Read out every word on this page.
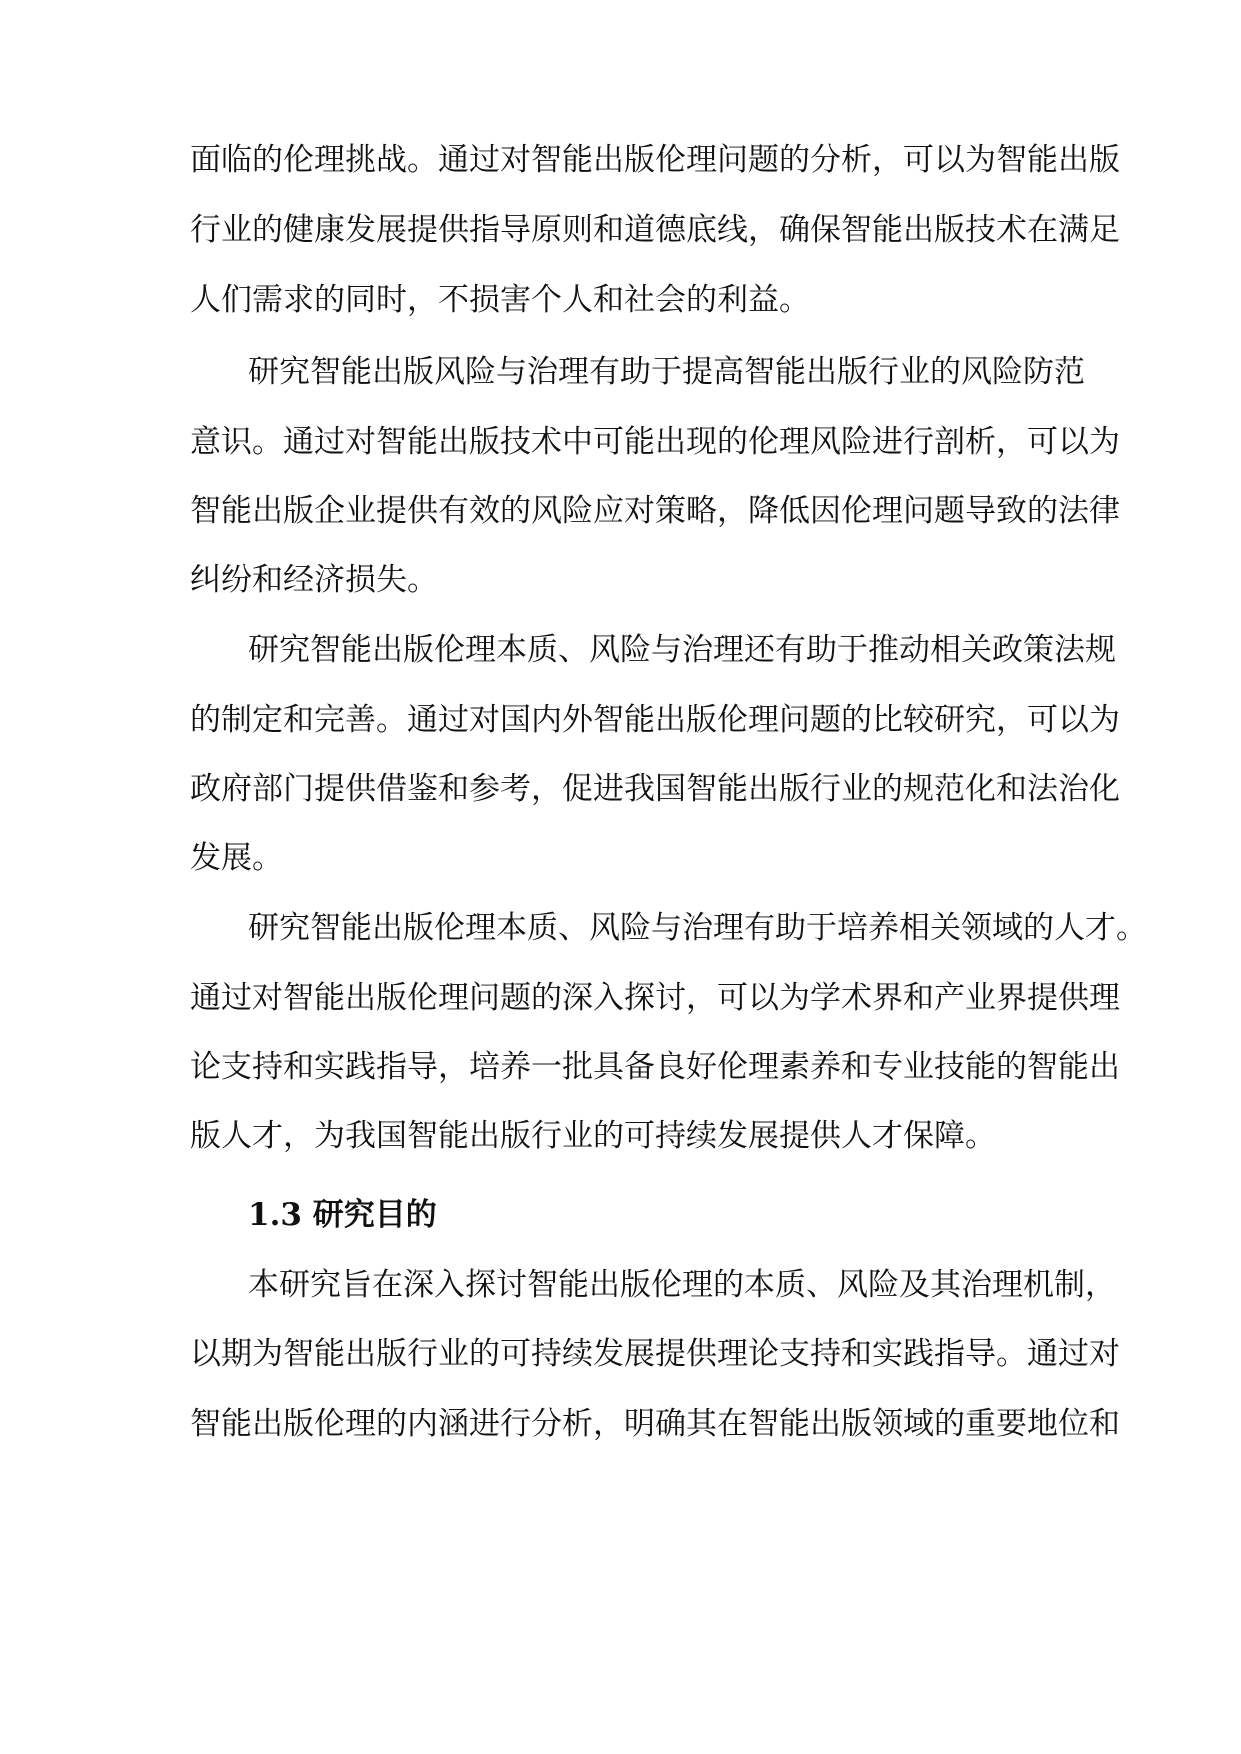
面临的伦理挑战。通过对智能出版伦理问题的分析，可以为智能出版
行业的健康发展提供指导原则和道德底线，确保智能出版技术在满足
人们需求的同时，不损害个人和社会的利益。
研究智能出版风险与治理有助于提高智能出版行业的风险防范
意识。通过对智能出版技术中可能出现的伦理风险进行剖析，可以为
智能出版企业提供有效的风险应对策略，降低因伦理问题导致的法律
纠纷和经济损失。
研究智能出版伦理本质、风险与治理还有助于推动相关政策法规
的制定和完善。通过对国内外智能出版伦理问题的比较研究，可以为
政府部门提供借鉴和参考，促进我国智能出版行业的规范化和法治化
发展。
研究智能出版伦理本质、风险与治理有助于培养相关领域的人才。
通过对智能出版伦理问题的深入探讨，可以为学术界和产业界提供理
论支持和实践指导，培养一批具备良好伦理素养和专业技能的智能出
版人才，为我国智能出版行业的可持续发展提供人才保障。
1.3 研究目的
本研究旨在深入探讨智能出版伦理的本质、风险及其治理机制，
以期为智能出版行业的可持续发展提供理论支持和实践指导。通过对
智能出版伦理的内涵进行分析，明确其在智能出版领域的重要地位和
